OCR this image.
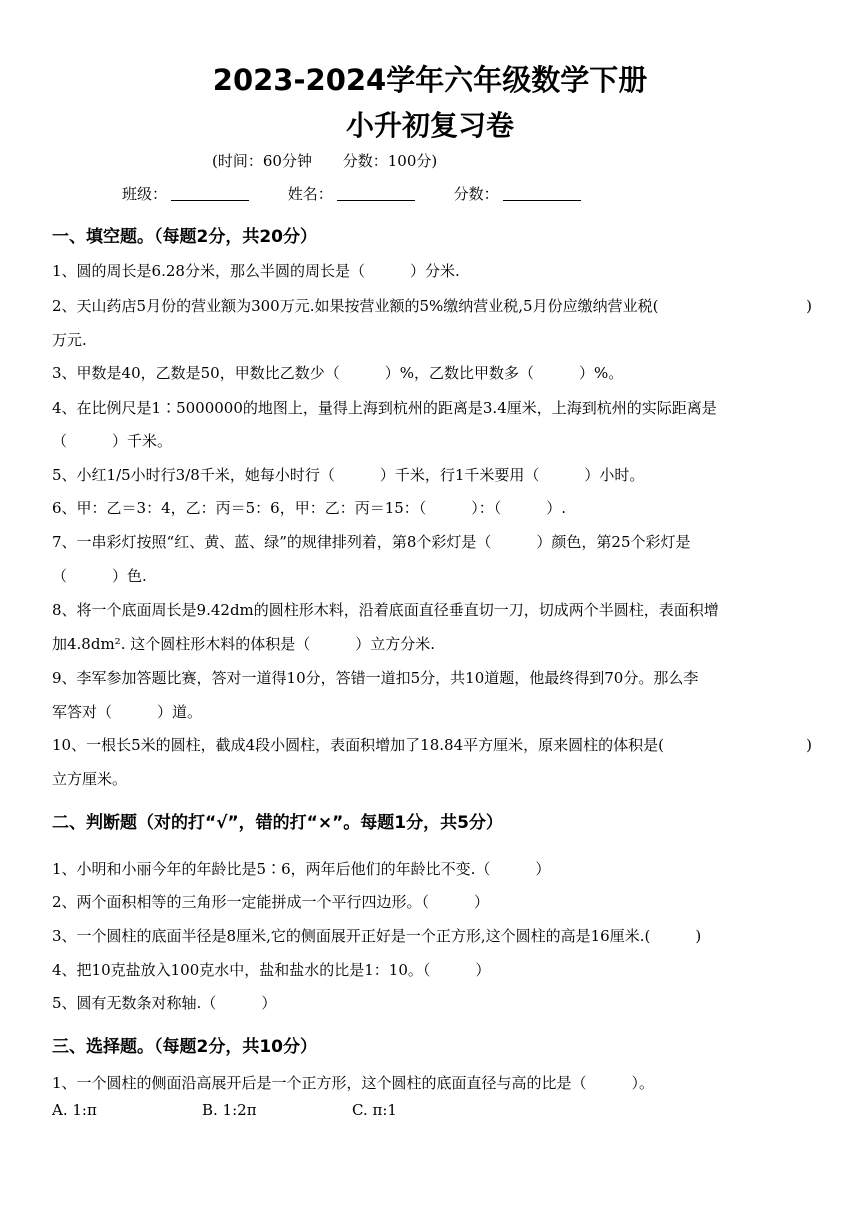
2023-2024学年六年级数学下册
小升初复习卷
(时间：60分钟 分数：100分)
班级：	姓名：	分数：
一、填空题。（每题2分，共20分）
1、圆的周长是6.28分米，那么半圆的周长是（　　　）分米.
2、天山药店5月份的营业额为300万元.如果按营业额的5%缴纳营业税,5月份应缴纳营业税(	)
万元.
3、甲数是40，乙数是50，甲数比乙数少（　　　）%，乙数比甲数多（　　　）%。
4、在比例尺是1∶5000000的地图上，量得上海到杭州的距离是3.4厘米，上海到杭州的实际距离是
（　　　）千米。
5、小红1/5小时行3/8千米，她每小时行（　　　）千米，行1千米要用（　　　）小时。
6、甲：乙＝3：4，乙：丙＝5：6，甲：乙：丙＝15：（　　　）：（　　　）.
7、一串彩灯按照“红、黄、蓝、绿”的规律排列着，第8个彩灯是（　　　）颜色，第25个彩灯是
（　　　）色.
8、将一个底面周长是9.42dm的圆柱形木料，沿着底面直径垂直切一刀，切成两个半圆柱，表面积增
加4.8dm². 这个圆柱形木料的体积是（　　　）立方分米.
9、李军参加答题比赛，答对一道得10分，答错一道扣5分，共10道题，他最终得到70分。那么李
军答对（　　　）道。
10、一根长5米的圆柱，截成4段小圆柱，表面积增加了18.84平方厘米，原来圆柱的体积是(	)
立方厘米。
二、判断题（对的打“√”，错的打“×”。每题1分，共5分）
1、小明和小丽今年的年龄比是5∶6，两年后他们的年龄比不变.（　　　）
2、两个面积相等的三角形一定能拼成一个平行四边形。（　　　）
3、一个圆柱的底面半径是8厘米,它的侧面展开正好是一个正方形,这个圆柱的高是16厘米.(　　　)
4、把10克盐放入100克水中，盐和盐水的比是1：10。（　　　）
5、圆有无数条对称轴.（　　　）
三、选择题。（每题2分，共10分）
1、一个圆柱的侧面沿高展开后是一个正方形，这个圆柱的底面直径与高的比是（　　　）。
A. 1:π	B. 1:2π	C. π:1
